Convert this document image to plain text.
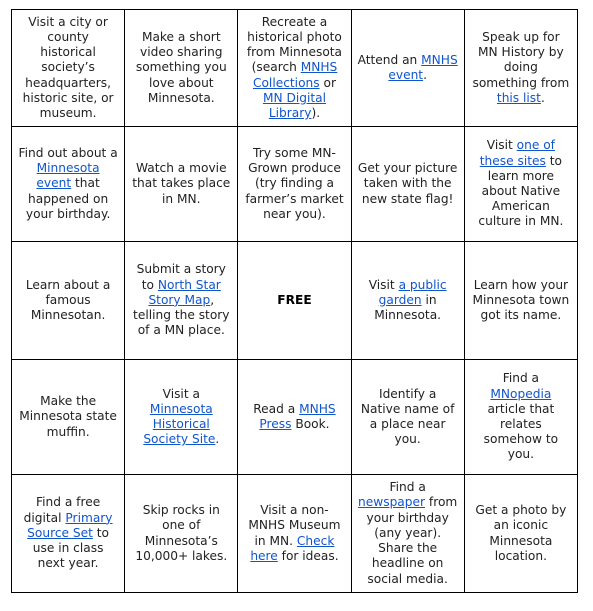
Visit a city or county historical society’s headquarters, historic site, or museum.	Make a short video sharing something you love about Minnesota.	Recreate a historical photo from Minnesota (search MNHS Collections or MN Digital Library).	Attend an MNHS event.	Speak up for MN History by doing something from this list.
Find out about a Minnesota event that happened on your birthday.	Watch a movie that takes place in MN.	Try some MN-Grown produce (try finding a farmer’s market near you).	Get your picture taken with the new state flag!	Visit one of these sites to learn more about Native American culture in MN.
Learn about a famous Minnesotan.	Submit a story to North Star Story Map, telling the story of a MN place.	FREE	Visit a public garden in Minnesota.	Learn how your Minnesota town got its name.
Make the Minnesota state muffin.	Visit a Minnesota Historical Society Site.	Read a MNHS Press Book.	Identify a Native name of a place near you.	Find a MNopedia article that relates somehow to you.
Find a free digital Primary Source Set to use in class next year.	Skip rocks in one of Minnesota’s 10,000+ lakes.	Visit a non-MNHS Museum in MN. Check here for ideas.	Find a newspaper from your birthday (any year). Share the headline on social media.	Get a photo by an iconic Minnesota location.
